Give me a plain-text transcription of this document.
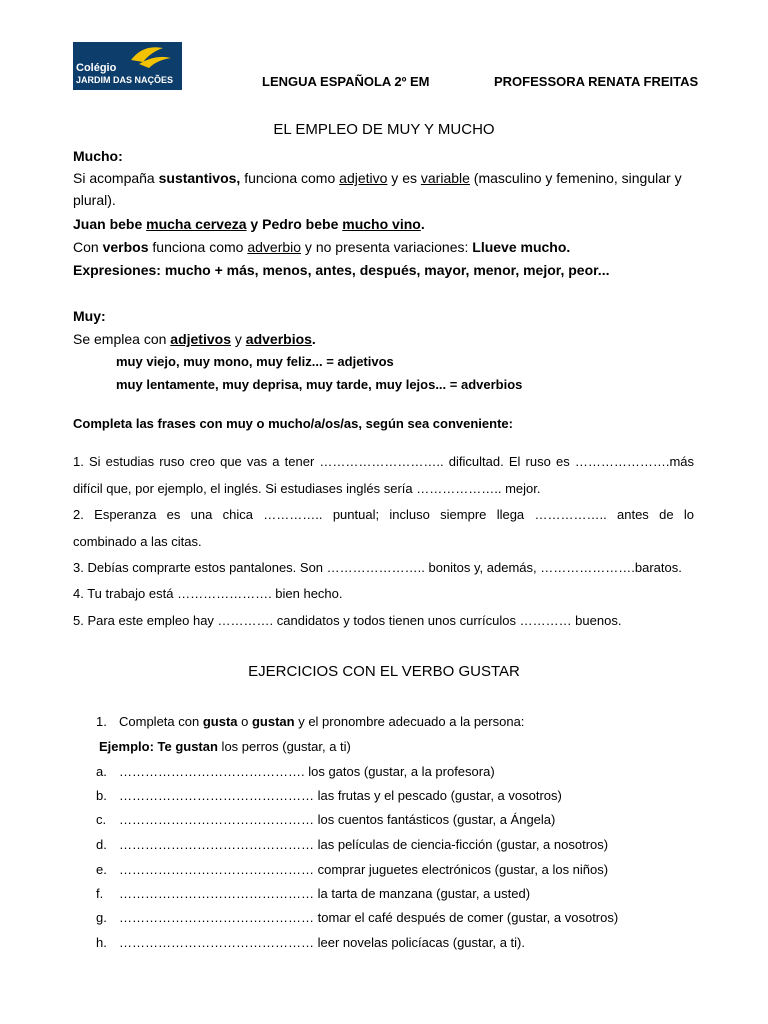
Colégio
JARDIM DAS NAÇÕES	LENGUA ESPAÑOLA 2º EM	PROFESSORA RENATA FREITAS
EL EMPLEO DE MUY Y MUCHO
Mucho:
Si acompaña sustantivos, funciona como adjetivo y es variable (masculino y femenino, singular y
plural).
Juan bebe mucha cerveza y Pedro bebe mucho vino.
Con verbos funciona como adverbio y no presenta variaciones: Llueve mucho.
Expresiones: mucho + más, menos, antes, después, mayor, menor, mejor, peor...
Muy:
Se emplea con adjetivos y adverbios.
muy viejo, muy mono, muy feliz... = adjetivos
muy lentamente, muy deprisa, muy tarde, muy lejos... = adverbios
Completa las frases con muy o mucho/a/os/as, según sea conveniente:
1. Si estudias ruso creo que vas a tener ……………………….. dificultad. El ruso es ………………….más
difícil que, por ejemplo, el inglés. Si estudiases inglés sería ……………….. mejor.
2. Esperanza es una chica ………….. puntual; incluso siempre llega …………….. antes de lo
combinado a las citas.
3. Debías comprarte estos pantalones. Son ………………….. bonitos y, además, ………………….baratos.
4. Tu trabajo está …………………. bien hecho.
5. Para este empleo hay …………. candidatos y todos tienen unos currículos ………… buenos.
EJERCICIOS CON EL VERBO GUSTAR
1. Completa con gusta o gustan y el pronombre adecuado a la persona:
Ejemplo: Te gustan los perros (gustar, a ti)
a. ……………………………………. los gatos (gustar, a la profesora)
b. ……………………………………… las frutas y el pescado (gustar, a vosotros)
c. ……………………………………… los cuentos fantásticos (gustar, a Ángela)
d. ……………………………………… las películas de ciencia-ficción (gustar, a nosotros)
e. ……………………………………… comprar juguetes electrónicos (gustar, a los niños)
f. ……………………………………… la tarta de manzana (gustar, a usted)
g. ……………………………………… tomar el café después de comer (gustar, a vosotros)
h. ……………………………………… leer novelas policíacas (gustar, a ti).
